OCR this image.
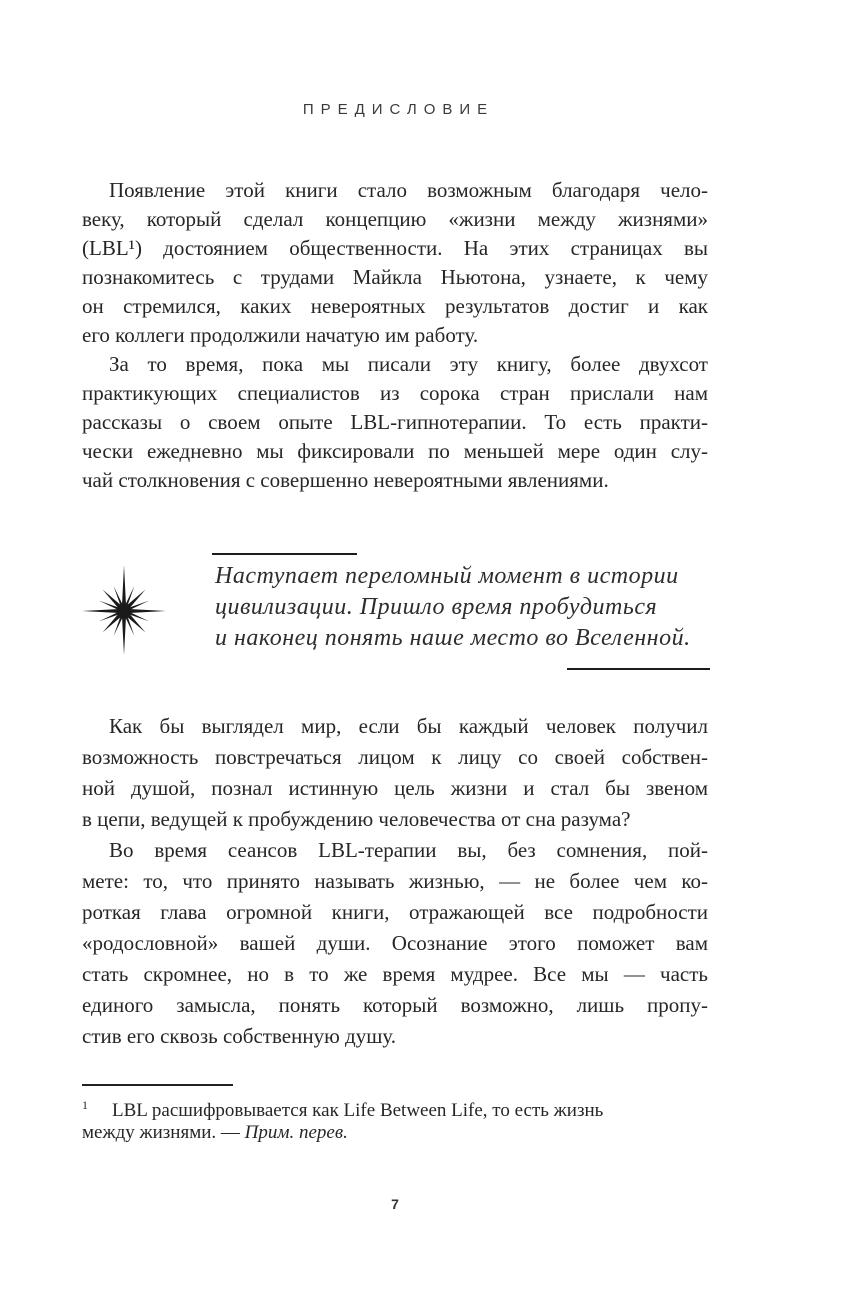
ПРЕДИСЛОВИЕ
Появление этой книги стало возможным благодаря чело-
веку, который сделал концепцию «жизни между жизнями»
(LBL¹) достоянием общественности. На этих страницах вы
познакомитесь с трудами Майкла Ньютона, узнаете, к чему
он стремился, каких невероятных результатов достиг и как
его коллеги продолжили начатую им работу.
За то время, пока мы писали эту книгу, более двухсот
практикующих специалистов из сорока стран прислали нам
рассказы о своем опыте LBL-гипнотерапии. То есть практи-
чески ежедневно мы фиксировали по меньшей мере один слу-
чай столкновения с совершенно невероятными явлениями.
Наступает переломный момент в истории
цивилизации. Пришло время пробудиться
и наконец понять наше место во Вселенной.
Как бы выглядел мир, если бы каждый человек получил
возможность повстречаться лицом к лицу со своей собствен-
ной душой, познал истинную цель жизни и стал бы звеном
в цепи, ведущей к пробуждению человечества от сна разума?
Во время сеансов LBL-терапии вы, без сомнения, пой-
мете: то, что принято называть жизнью, — не более чем ко-
роткая глава огромной книги, отражающей все подробности
«родословной» вашей души. Осознание этого поможет вам
стать скромнее, но в то же время мудрее. Все мы — часть
единого замысла, понять который возможно, лишь пропу-
стив его сквозь собственную душу.
$^1$ LBL расшифровывается как Life Between Life, то есть жизнь
между жизнями. — Прим. перев.
7
